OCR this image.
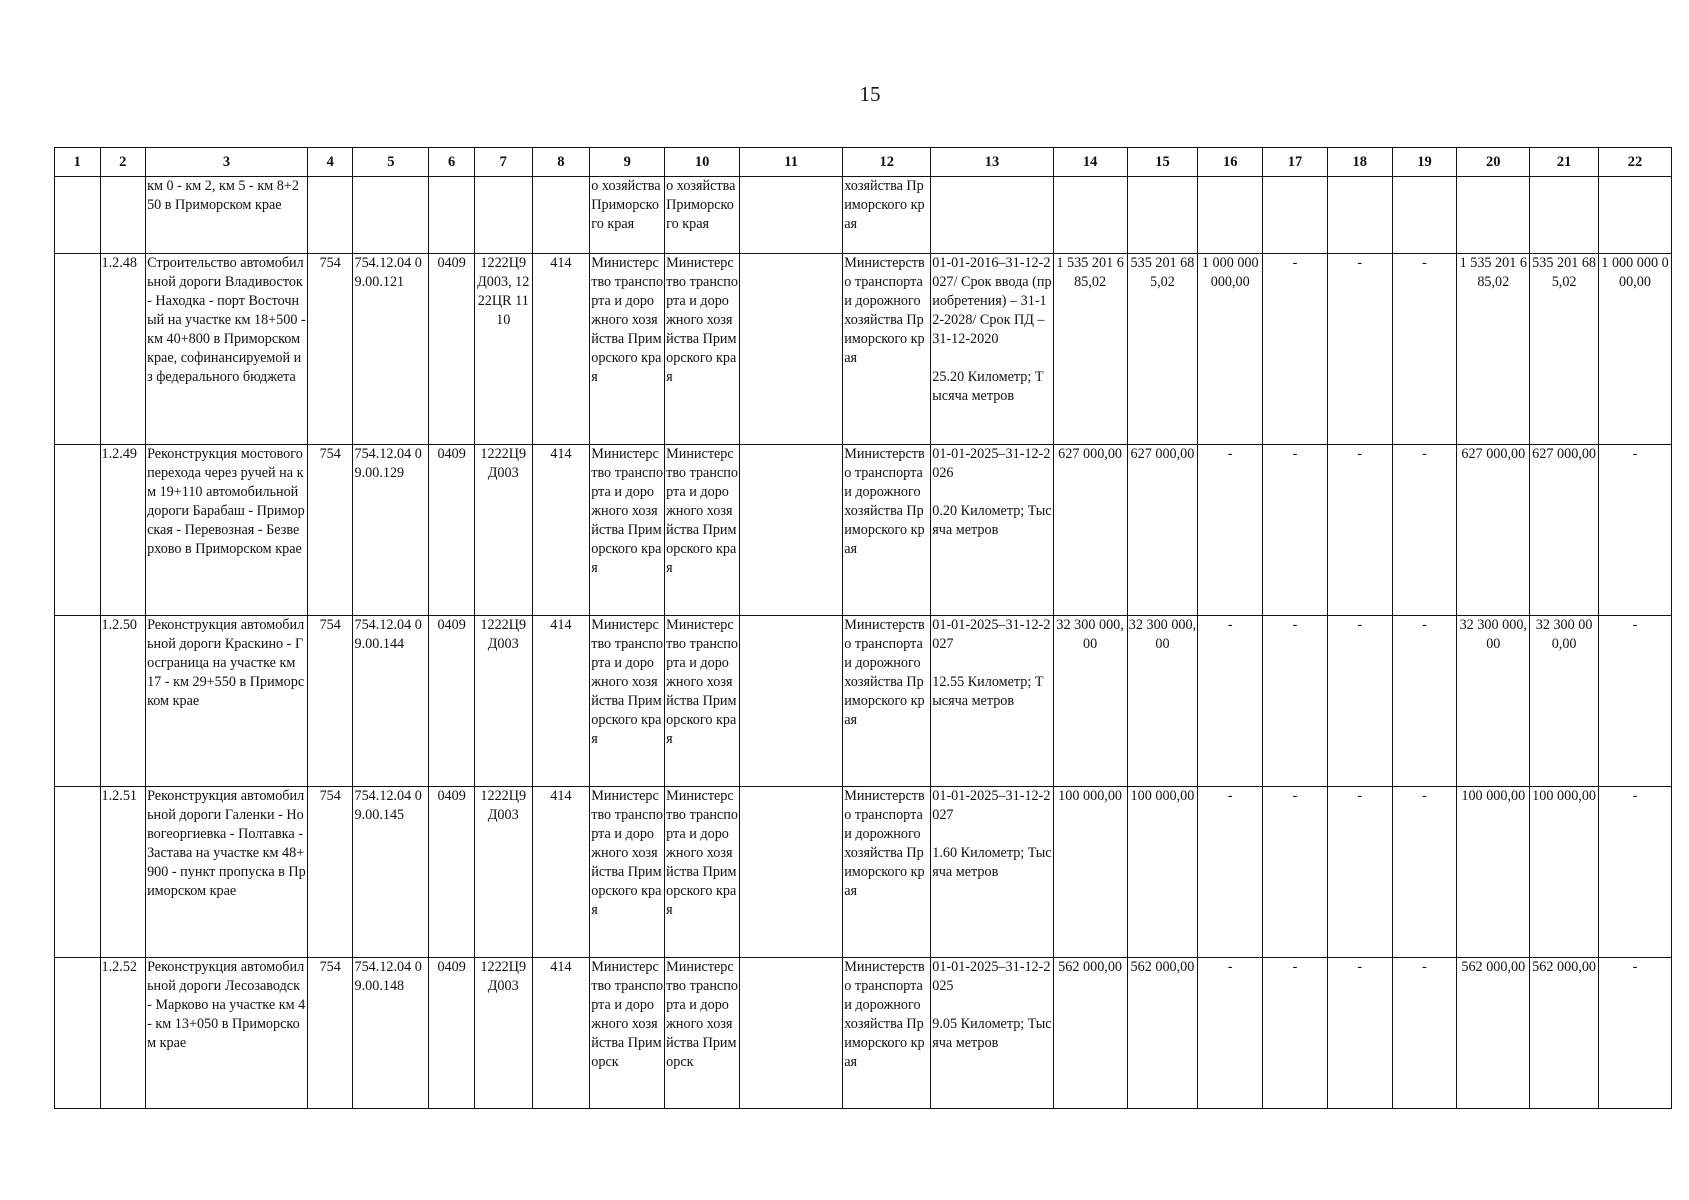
15
1	2	3	4	5	6	7	8	9	10	11	12	13	14	15	16	17	18	19	20	21	22
		км 0 - км 2, км 5 - км 8+250 в Приморском крае						о хозяйства Приморского края	о хозяйства Приморского края		хозяйства Приморского края										
	1.2.48	Строительство автомобильной дороги Владивосток - Находка - порт Восточный на участке км 18+500 - км 40+800 в Приморском крае, софинансируемой из федерального бюджета	754	754.12.04 09.00.121	0409	1222Ц9 Д003, 1222ЦR 1110	414	Министерство транспорта и дорожного хозяйства Приморского края	Министерство транспорта и дорожного хозяйства Приморского края		Министерство транспорта и дорожного хозяйства Приморского края	01-01-2016–31-12-2027/ Срок ввода (приобретения) – 31-12-2028/ Срок ПД – 31-12-2020
25.20 Километр; Тысяча метров	1 535 201 685,02	535 201 685,02	1 000 000 000,00	-	-	-	1 535 201 685,02	535 201 685,02	1 000 000 000,00
	1.2.49	Реконструкция мостового перехода через ручей на км 19+110 автомобильной дороги Барабаш - Приморская - Перевозная - Безверхово в Приморском крае	754	754.12.04 09.00.129	0409	1222Ц9 Д003	414	Министерство транспорта и дорожного хозяйства Приморского края	Министерство транспорта и дорожного хозяйства Приморского края		Министерство транспорта и дорожного хозяйства Приморского края	01-01-2025–31-12-2026
0.20 Километр; Тысяча метров	627 000,00	627 000,00	-	-	-	-	627 000,00	627 000,00	-
	1.2.50	Реконструкция автомобильной дороги Краскино - Госграница на участке км 17 - км 29+550 в Приморском крае	754	754.12.04 09.00.144	0409	1222Ц9 Д003	414	Министерство транспорта и дорожного хозяйства Приморского края	Министерство транспорта и дорожного хозяйства Приморского края		Министерство транспорта и дорожного хозяйства Приморского края	01-01-2025–31-12-2027
12.55 Километр; Тысяча метров	32 300 000,00	32 300 000,00	-	-	-	-	32 300 000,00	32 300 000,00	-
	1.2.51	Реконструкция автомобильной дороги Галенки - Новогеоргиевка - Полтавка - Застава на участке км 48+900 - пункт пропуска в Приморском крае	754	754.12.04 09.00.145	0409	1222Ц9 Д003	414	Министерство транспорта и дорожного хозяйства Приморского края	Министерство транспорта и дорожного хозяйства Приморского края		Министерство транспорта и дорожного хозяйства Приморского края	01-01-2025–31-12-2027
1.60 Километр; Тысяча метров	100 000,00	100 000,00	-	-	-	-	100 000,00	100 000,00	-
	1.2.52	Реконструкция автомобильной дороги Лесозаводск - Марково на участке км 4 - км 13+050 в Приморском крае	754	754.12.04 09.00.148	0409	1222Ц9 Д003	414	Министерство транспорта и дорожного хозяйства Приморск	Министерство транспорта и дорожного хозяйства Приморск		Министерство транспорта и дорожного хозяйства Приморского края	01-01-2025–31-12-2025
9.05 Километр; Тысяча метров	562 000,00	562 000,00	-	-	-	-	562 000,00	562 000,00	-
